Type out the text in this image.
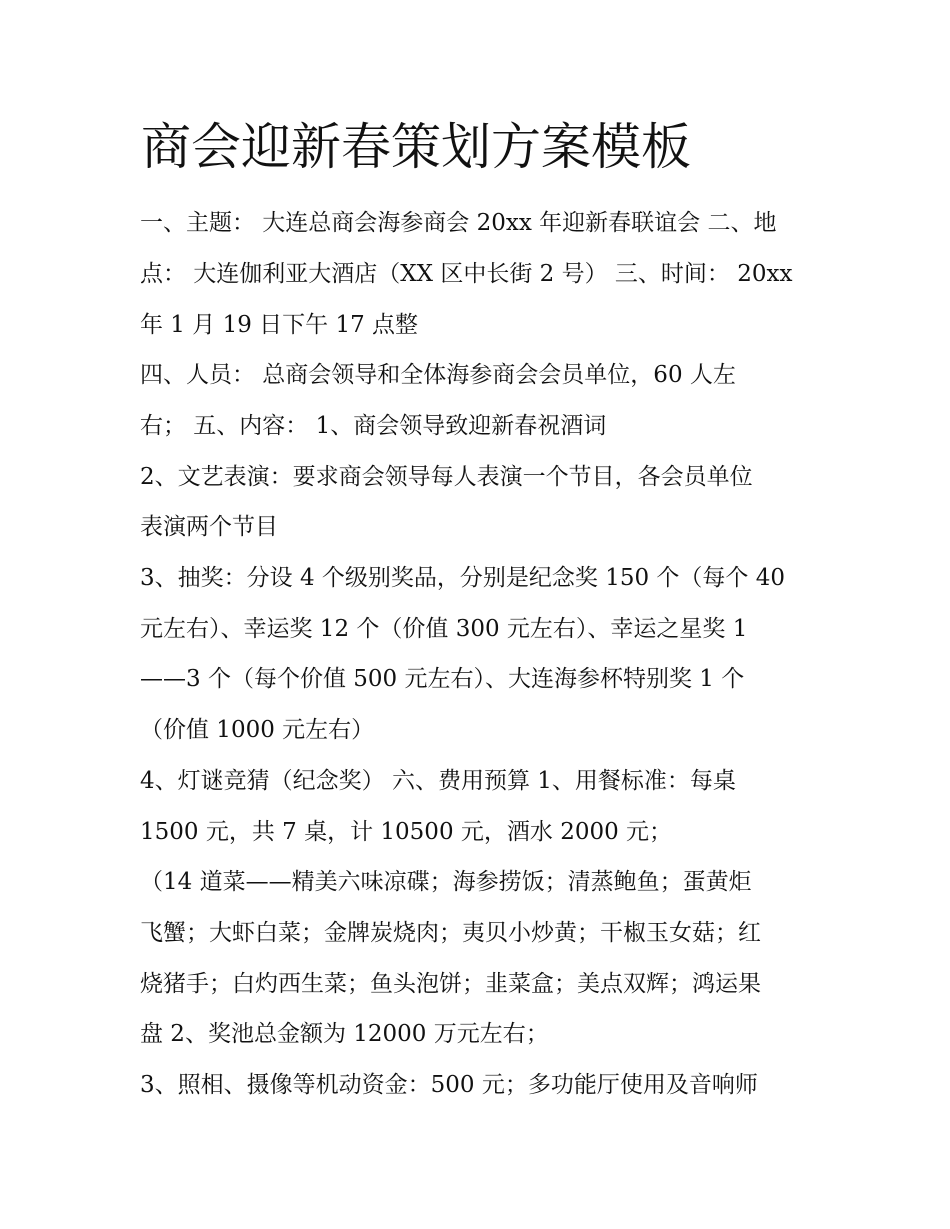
商会迎新春策划方案模板
一、主题： 大连总商会海参商会 20xx 年迎新春联谊会 二、地
点： 大连伽利亚大酒店（XX 区中长街 2 号） 三、时间： 20xx
年 1 月 19 日下午 17 点整
四、人员： 总商会领导和全体海参商会会员单位，60 人左
右； 五、内容： 1、商会领导致迎新春祝酒词
2、文艺表演：要求商会领导每人表演一个节目，各会员单位
表演两个节目
3、抽奖：分设 4 个级别奖品，分别是纪念奖 150 个（每个 40
元左右）、幸运奖 12 个（价值 300 元左右）、幸运之星奖 1
——3 个（每个价值 500 元左右）、大连海参杯特别奖 1 个
（价值 1000 元左右）
4、灯谜竞猜（纪念奖） 六、费用预算 1、用餐标准：每桌
1500 元，共 7 桌，计 10500 元，酒水 2000 元；
（14 道菜——精美六味凉碟；海参捞饭；清蒸鲍鱼；蛋黄炬
飞蟹；大虾白菜；金牌炭烧肉；夷贝小炒黄；干椒玉女菇；红
烧猪手；白灼西生菜；鱼头泡饼；韭菜盒；美点双辉；鸿运果
盘 2、奖池总金额为 12000 万元左右；
3、照相、摄像等机动资金：500 元；多功能厅使用及音响师
